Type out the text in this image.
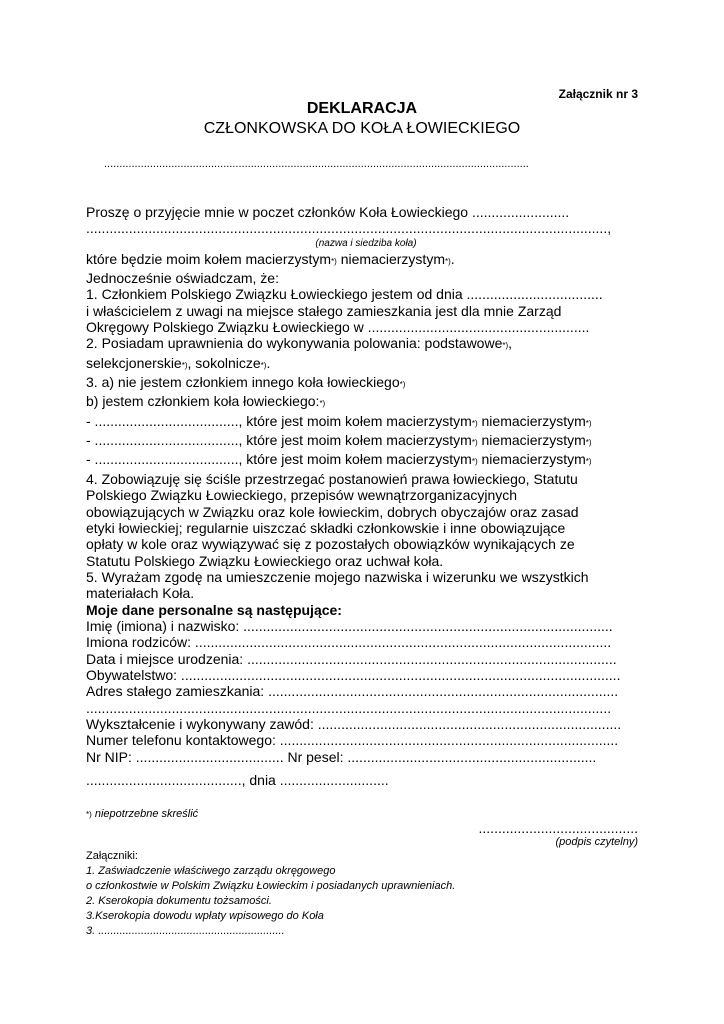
Załącznik nr 3
DEKLARACJA
CZŁONKOWSKA DO KOŁA ŁOWIECKIEGO
...........................................................................................................................................
Proszę o przyjęcie mnie w poczet członków Koła Łowieckiego .........................
......................................................................................................................................,
(nazwa i siedziba koła)
które będzie moim kołem macierzystym*) niemacierzystym*).
Jednocześnie oświadczam, że:
1. Członkiem Polskiego Związku Łowieckiego jestem od dnia ...................................
i właścicielem z uwagi na miejsce stałego zamieszkania jest dla mnie Zarząd
Okręgowy Polskiego Związku Łowieckiego w .........................................................
2. Posiadam uprawnienia do wykonywania polowania: podstawowe*),
selekcjonerskie*), sokolnicze*).
3. a) nie jestem członkiem innego koła łowieckiego*)
b) jestem członkiem koła łowieckiego:*)
- ....................................., które jest moim kołem macierzystym*) niemacierzystym*)
- ....................................., które jest moim kołem macierzystym*) niemacierzystym*)
- ....................................., które jest moim kołem macierzystym*) niemacierzystym*)
4. Zobowiązuję się ściśle przestrzegać postanowień prawa łowieckiego, Statutu
Polskiego Związku Łowieckiego, przepisów wewnątrzorganizacyjnych
obowiązujących w Związku oraz kole łowieckim, dobrych obyczajów oraz zasad
etyki łowieckiej; regularnie uiszczać składki członkowskie i inne obowiązujące
opłaty w kole oraz wywiązywać się z pozostałych obowiązków wynikających ze
Statutu Polskiego Związku Łowieckiego oraz uchwał koła.
5. Wyrażam zgodę na umieszczenie mojego nazwiska i wizerunku we wszystkich
materiałach Koła.
Moje dane personalne są następujące:
Imię (imiona) i nazwisko: ...............................................................................................
Imiona rodziców: ...........................................................................................................
Data i miejsce urodzenia: ...............................................................................................
Obywatelstwo: .................................................................................................................
Adres stałego zamieszkania: ..........................................................................................
.......................................................................................................................................
Wykształcenie i wykonywany zawód: ..............................................................................
Numer telefonu kontaktowego: .......................................................................................
Nr NIP: ...................................... Nr pesel: ................................................................
........................................, dnia ............................
*) niepotrzebne skreślić
.........................................
(podpis czytelny)
Załączniki:
1. Zaświadczenie właściwego zarządu okręgowego
o członkostwie w Polskim Związku Łowieckim i posiadanych uprawnieniach.
2. Kserokopia dokumentu tożsamości.
3.Kserokopia dowodu wpłaty wpisowego do Koła
3. .............................................................
